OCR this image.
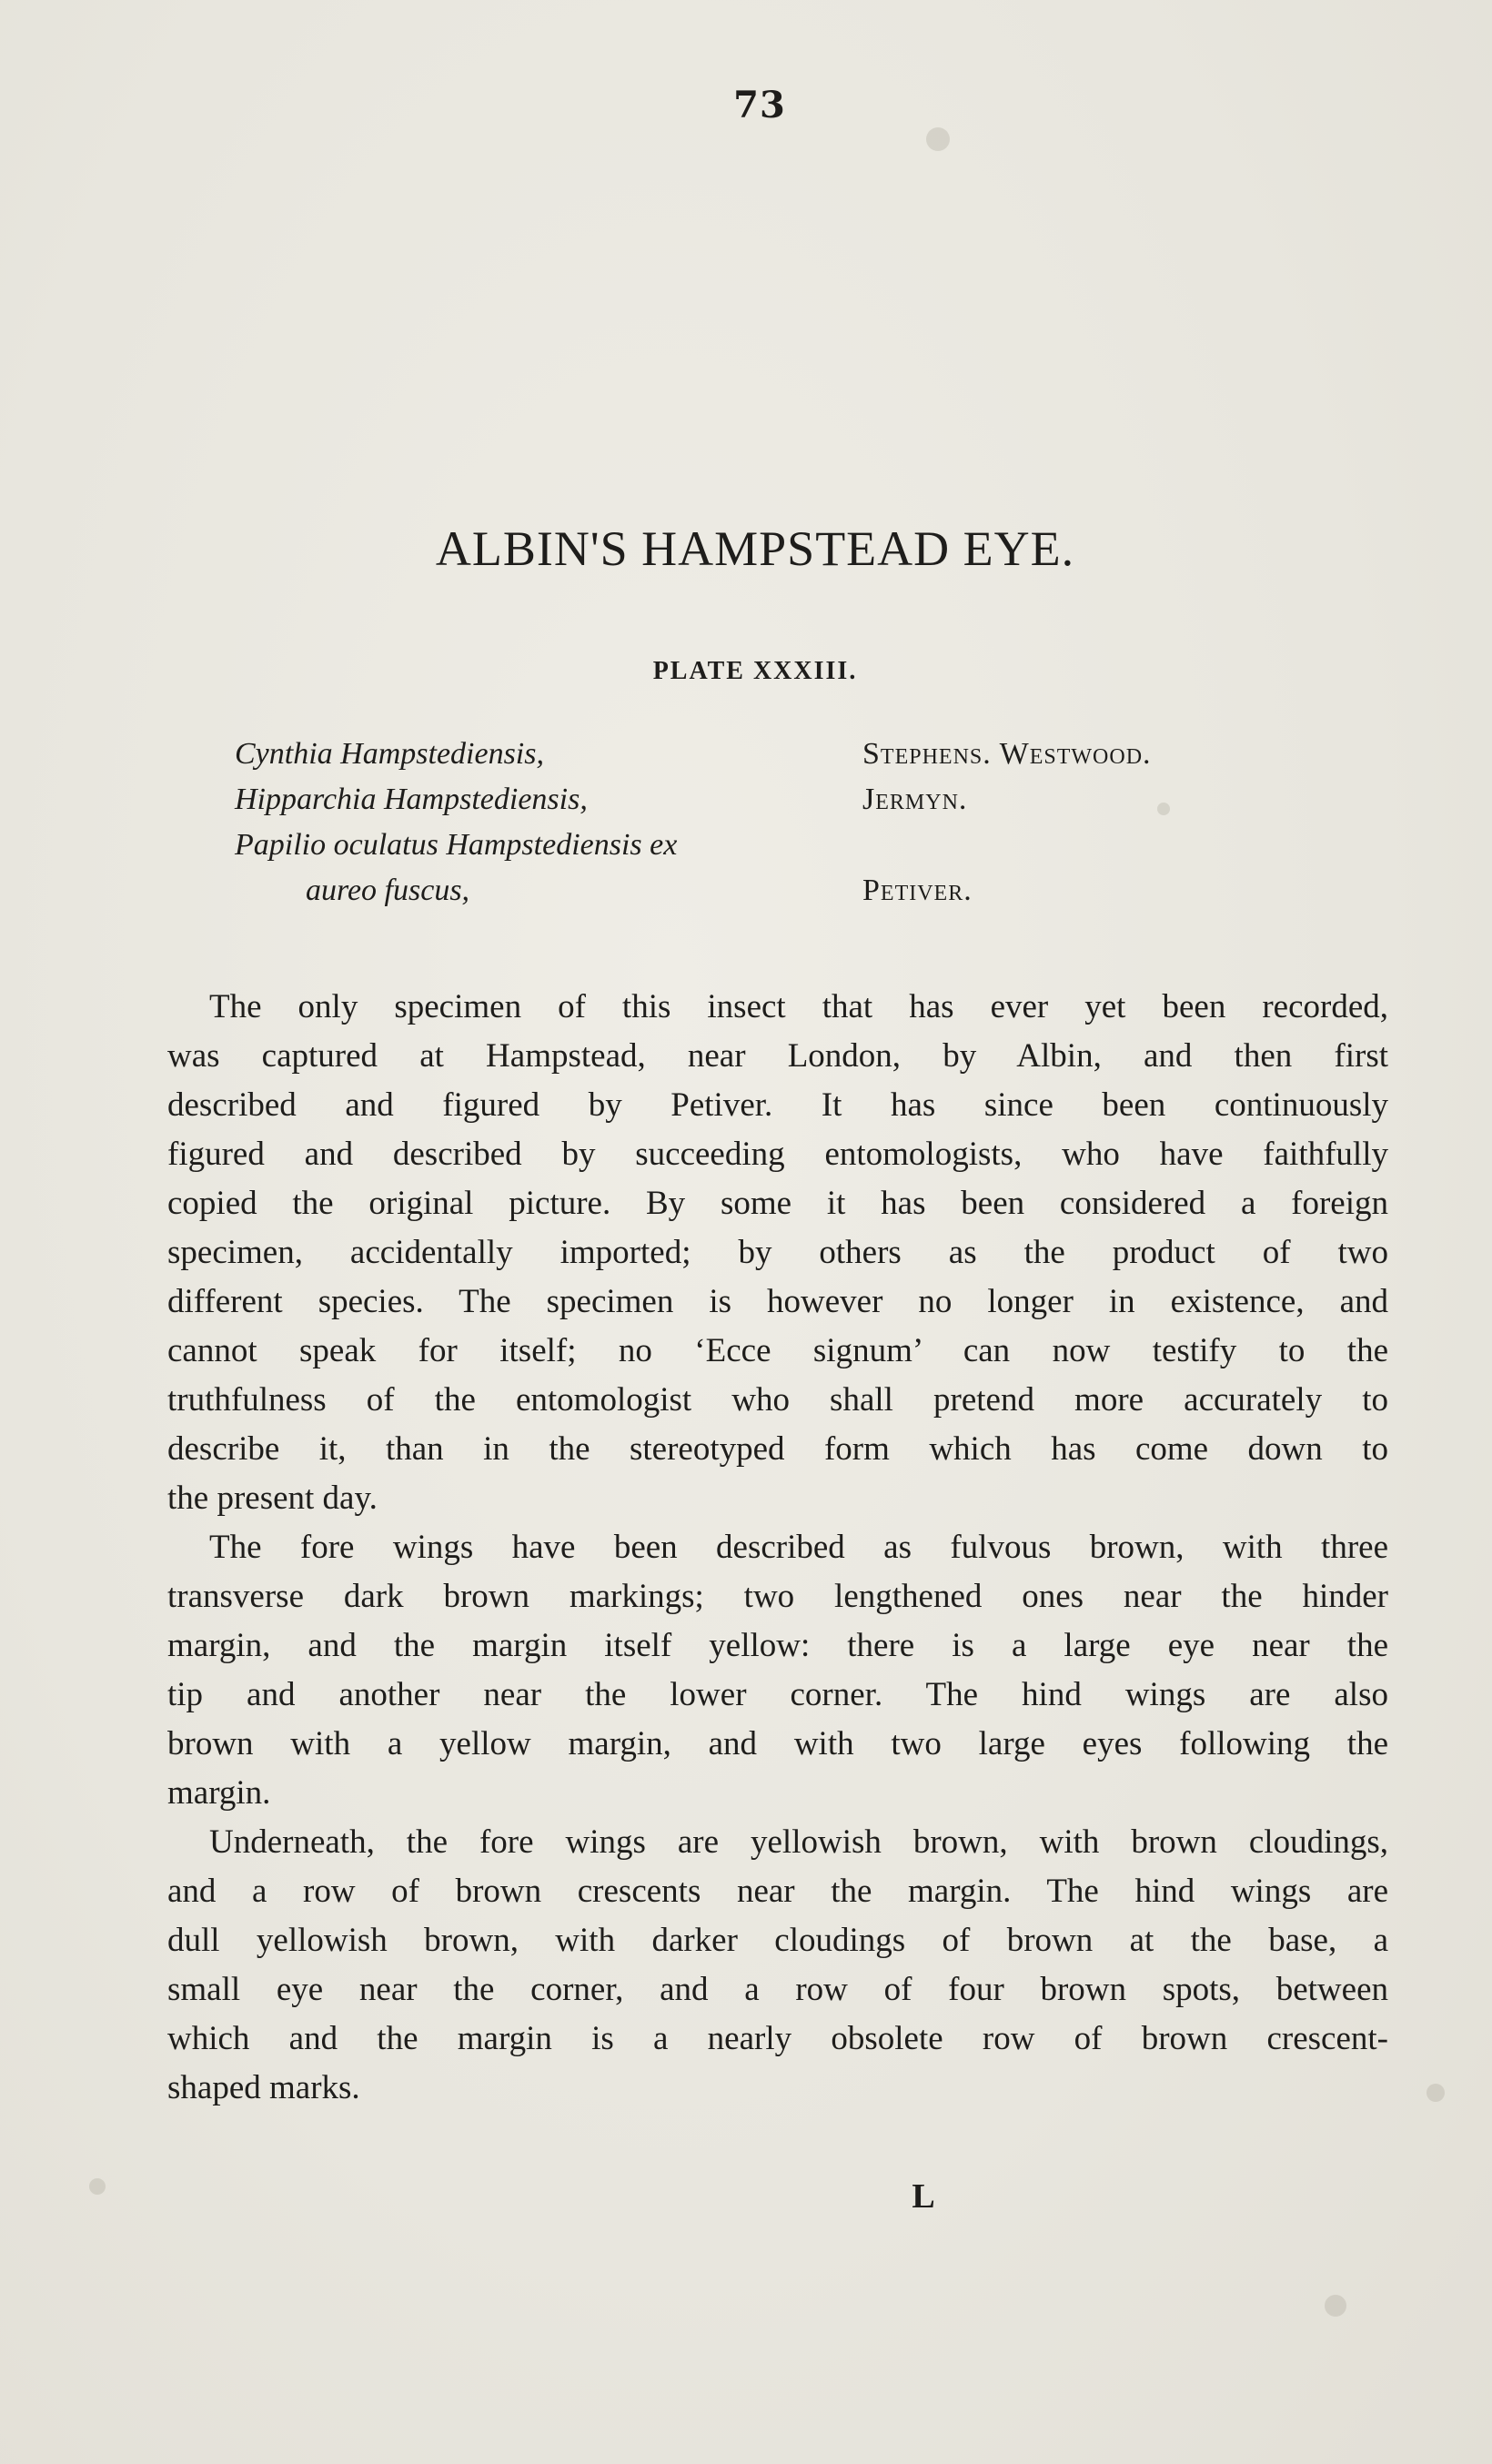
73
ALBIN'S HAMPSTEAD EYE.
PLATE XXXIII.
Cynthia Hampstediensis,	Stephens. Westwood.
Hipparchia Hampstediensis,	Jermyn.
Papilio oculatus Hampstediensis ex
aureo fuscus,	Petiver.
The only specimen of this insect that has ever yet been recorded,
was captured at Hampstead, near London, by Albin, and then first
described and figured by Petiver. It has since been continuously
figured and described by succeeding entomologists, who have faithfully
copied the original picture. By some it has been considered a foreign
specimen, accidentally imported; by others as the product of two
different species. The specimen is however no longer in existence, and
cannot speak for itself; no ‘Ecce signum’ can now testify to the
truthfulness of the entomologist who shall pretend more accurately to
describe it, than in the stereotyped form which has come down to
the present day.
The fore wings have been described as fulvous brown, with three
transverse dark brown markings; two lengthened ones near the hinder
margin, and the margin itself yellow: there is a large eye near the
tip and another near the lower corner. The hind wings are also
brown with a yellow margin, and with two large eyes following the
margin.
Underneath, the fore wings are yellowish brown, with brown cloudings,
and a row of brown crescents near the margin. The hind wings are
dull yellowish brown, with darker cloudings of brown at the base, a
small eye near the corner, and a row of four brown spots, between
which and the margin is a nearly obsolete row of brown crescent-
shaped marks.
L
